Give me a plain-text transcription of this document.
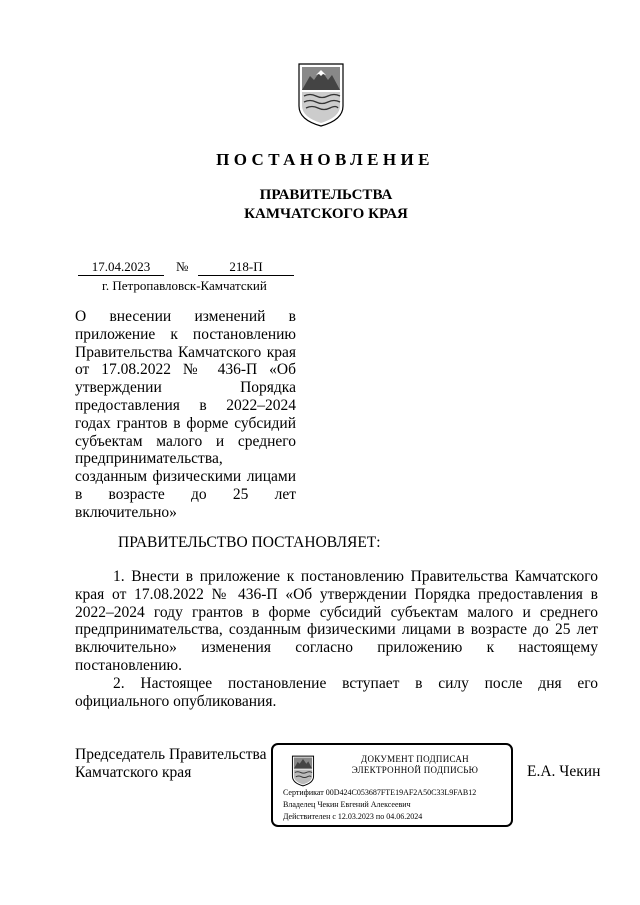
ПОСТАНОВЛЕНИЕ
ПРАВИТЕЛЬСТВА
КАМЧАТСКОГО КРАЯ
17.04.2023	№	218-П
г. Петропавловск-Камчатский

О внесении изменений в приложение к постановлению Правительства Камчатского края от 17.08.2022 № 436-П «Об утверждении Порядка предоставления в 2022–2024 годах грантов в форме субсидий субъектам малого и среднего предпринимательства, созданным физическими лицами в возрасте до 25 лет включительно»

ПРАВИТЕЛЬСТВО ПОСТАНОВЛЯЕТ:

1. Внести в приложение к постановлению Правительства Камчатского края от 17.08.2022 № 436-П «Об утверждении Порядка предоставления в 2022–2024 году грантов в форме субсидий субъектам малого и среднего предпринимательства, созданным физическими лицами в возрасте до 25 лет включительно» изменения согласно приложению к настоящему постановлению.

2. Настоящее постановление вступает в силу после дня его официального опубликования.

Председатель Правительства
Камчатского края
ДОКУМЕНТ ПОДПИСАН
ЭЛЕКТРОННОЙ ПОДПИСЬЮ
Сертификат 00D424C053687FTE19AF2A50C33L9FAB12
Владелец Чекин Евгений Алексеевич
Действителен с 12.03.2023 по 04.06.2024
Е.А. Чекин
